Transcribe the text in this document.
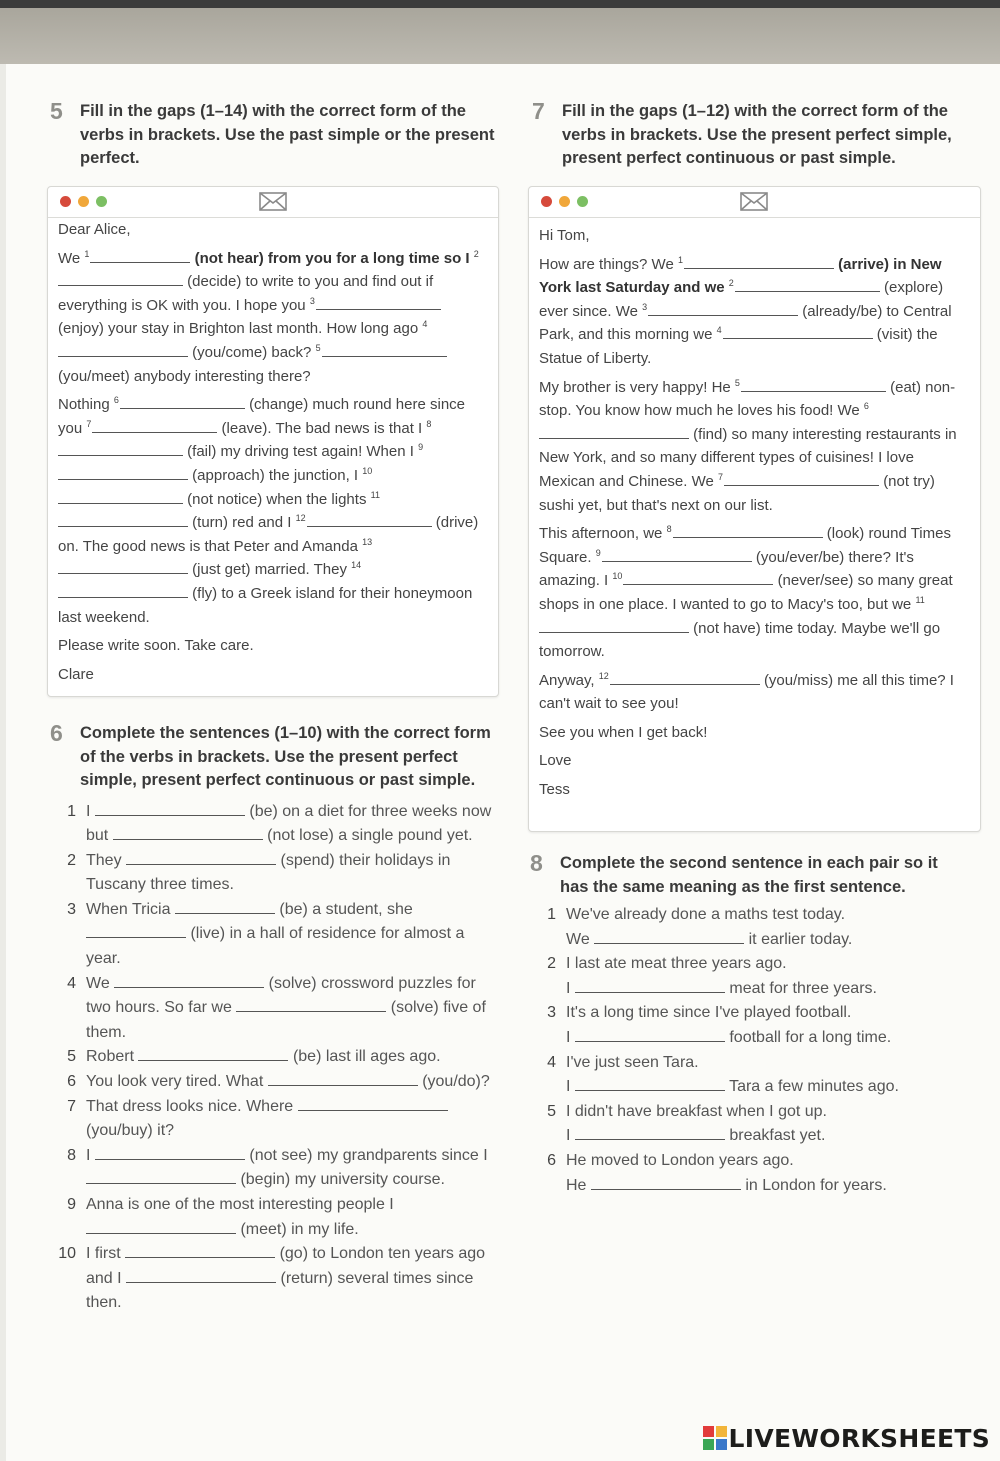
5	Fill in the gaps (1–14) with the correct form of the verbs in brackets. Use the past simple or the present perfect.

Dear Alice,

We $^1$	(not hear) from you for a long time so I $^2$ (decide) to write to you and find out if everything is OK with you. I hope you $^3$ (enjoy) your stay in Brighton last month. How long ago $^4$ (you/come) back? $^5$ (you/meet) anybody interesting there?

Nothing $^6$	(change) much round here since you $^7$	(leave). The bad news is that I $^8$ (fail) my driving test again! When I $^9$ (approach) the junction, I $^{10}$ (not notice) when the lights $^{11}$ (turn) red and I $^{12}$	(drive) on. The good news is that Peter and Amanda $^{13}$ (just get) married. They $^{14}$ (fly) to a Greek island for their honeymoon last weekend.

Please write soon. Take care.

Clare

6	Complete the sentences (1–10) with the correct form of the verbs in brackets. Use the present perfect simple, present perfect continuous or past simple.
1 I	(be) on a diet for three weeks now but	(not lose) a single pound yet.
2 They	(spend) their holidays in Tuscany three times.
3 When Tricia	(be) a student, she  (live) in a hall of residence for almost a year.
4 We	(solve) crossword puzzles for two hours. So far we	(solve) five of them.
5 Robert	(be) last ill ages ago.
6 You look very tired. What	(you/do)?
7 That dress looks nice. Where  (you/buy) it?
8 I	(not see) my grandparents since I  (begin) my university course.
9 Anna is one of the most interesting people I  (meet) in my life.
10 I first	(go) to London ten years ago and I	(return) several times since then.
7	Fill in the gaps (1–12) with the correct form of the verbs in brackets. Use the present perfect simple, present perfect continuous or past simple.

Hi Tom,

How are things? We $^1$	(arrive) in New York last Saturday and we $^2$	(explore) ever since. We $^3$	(already/be) to Central Park, and this morning we $^4$	(visit) the Statue of Liberty.

My brother is very happy! He $^5$	(eat) non-stop. You know how much he loves his food! We $^6$ (find) so many interesting restaurants in New York, and so many different types of cuisines! I love Mexican and Chinese. We $^7$	(not try) sushi yet, but that's next on our list.

This afternoon, we $^8$	(look) round Times Square. $^9$	(you/ever/be) there? It's amazing. I $^{10}$	(never/see) so many great shops in one place. I wanted to go to Macy's too, but we $^{11}$ (not have) time today. Maybe we'll go tomorrow.

Anyway, $^{12}$	(you/miss) me all this time? I can't wait to see you!

See you when I get back!

Love

Tess

8	Complete the second sentence in each pair so it has the same meaning as the first sentence.
1 We've already done a maths test today.
We	it earlier today.
2 I last ate meat three years ago.
I	meat for three years.
3 It's a long time since I've played football.
I	football for a long time.
4 I've just seen Tara.
I	Tara a few minutes ago.
5 I didn't have breakfast when I got up.
I	breakfast yet.
6 He moved to London years ago.
He	in London for years.
LIVEWORKSHEETS
